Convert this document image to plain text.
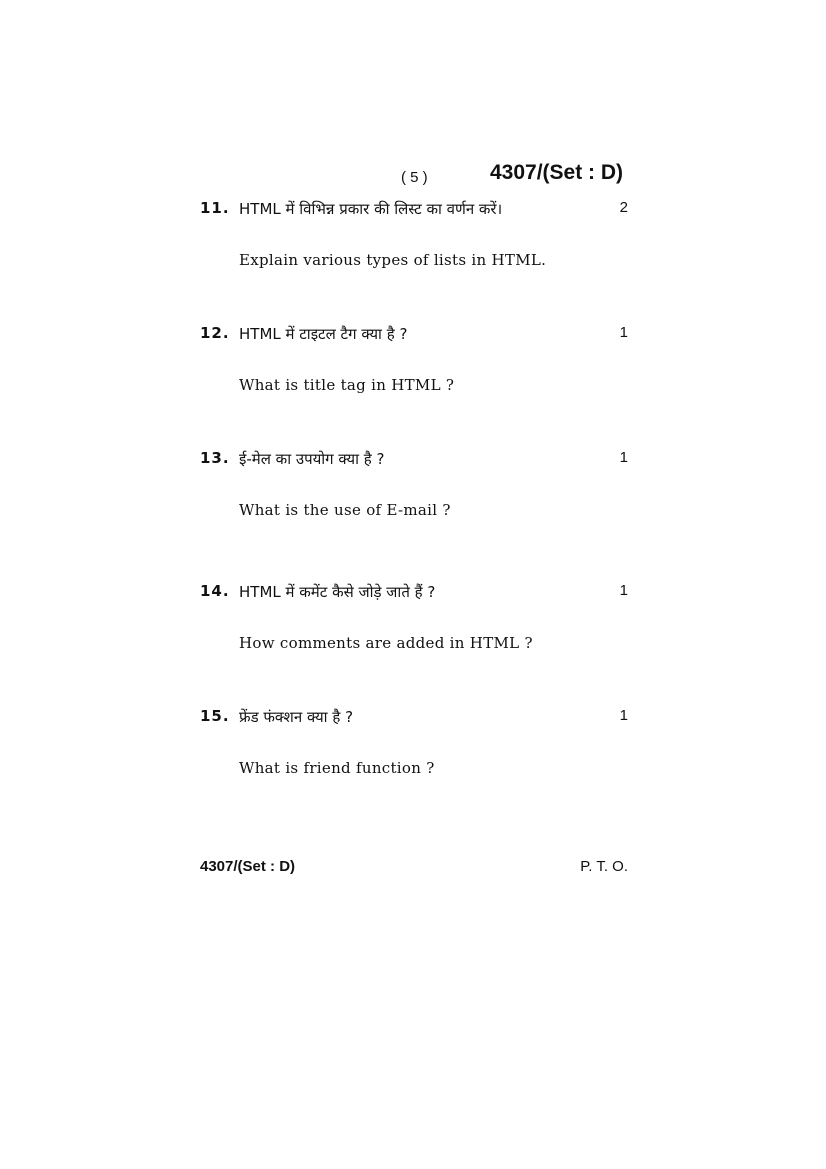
( 5 )	4307/(Set : D)
11. HTML में विभिन्न प्रकार की लिस्ट का वर्णन करें।	2
Explain various types of lists in HTML.
12. HTML में टाइटल टैग क्या है ?	1
What is title tag in HTML ?
13. ई-मेल का उपयोग क्या है ?	1
What is the use of E-mail ?
14. HTML में कमेंट कैसे जोड़े जाते हैं ?	1
How comments are added in HTML ?
15. फ्रेंड फंक्शन क्या है ?	1
What is friend function ?
4307/(Set : D)	P. T. O.
